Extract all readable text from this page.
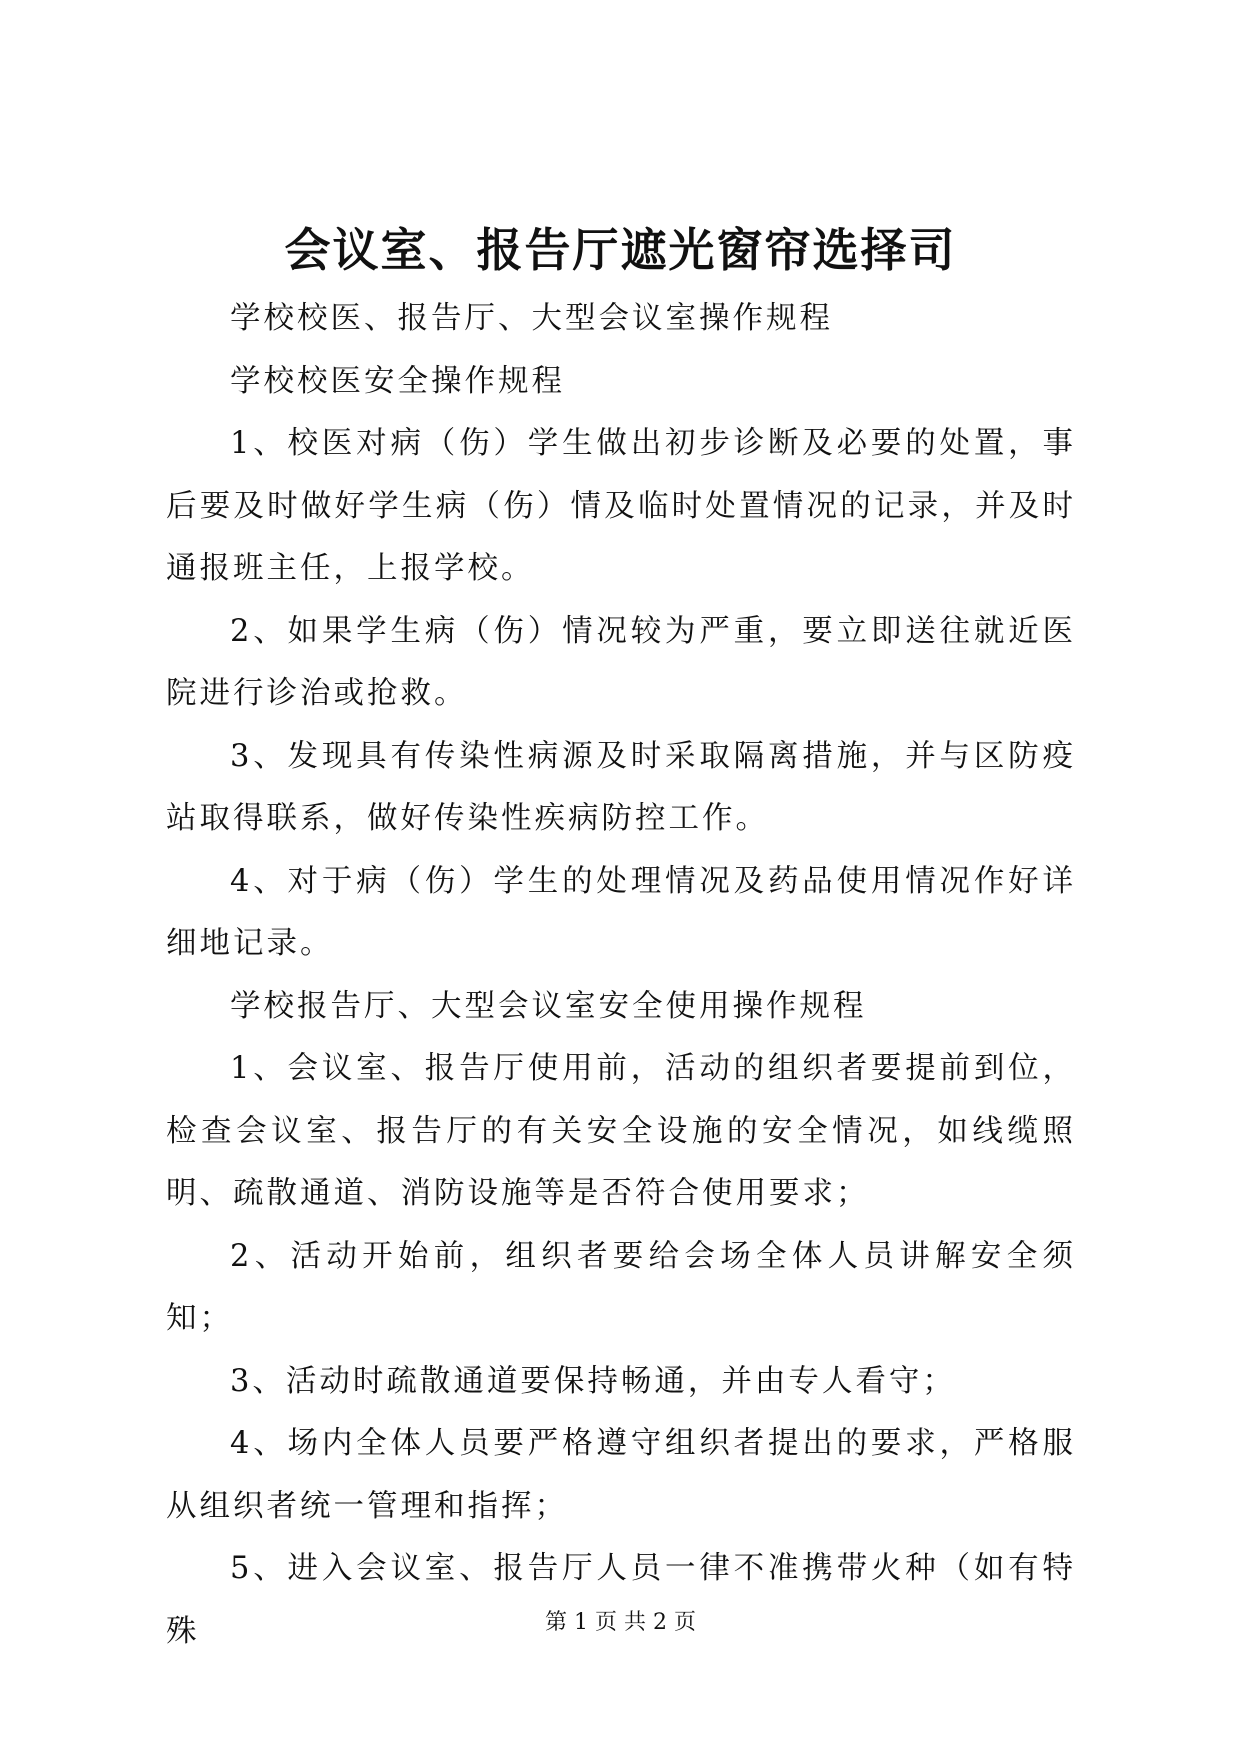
会议室、报告厅遮光窗帘选择司

学校校医、报告厅、大型会议室操作规程

学校校医安全操作规程

1、校医对病（伤）学生做出初步诊断及必要的处置，事后要及时做好学生病（伤）情及临时处置情况的记录，并及时通报班主任，上报学校。

2、如果学生病（伤）情况较为严重，要立即送往就近医院进行诊治或抢救。

3、发现具有传染性病源及时采取隔离措施，并与区防疫站取得联系，做好传染性疾病防控工作。

4、对于病（伤）学生的处理情况及药品使用情况作好详细地记录。

学校报告厅、大型会议室安全使用操作规程

1、会议室、报告厅使用前，活动的组织者要提前到位，检查会议室、报告厅的有关安全设施的安全情况，如线缆照明、疏散通道、消防设施等是否符合使用要求；

2、活动开始前，组织者要给会场全体人员讲解安全须知；

3、活动时疏散通道要保持畅通，并由专人看守；

4、场内全体人员要严格遵守组织者提出的要求，严格服从组织者统一管理和指挥；

5、进入会议室、报告厅人员一律不准携带火种（如有特殊	第 1 页 共 2 页
